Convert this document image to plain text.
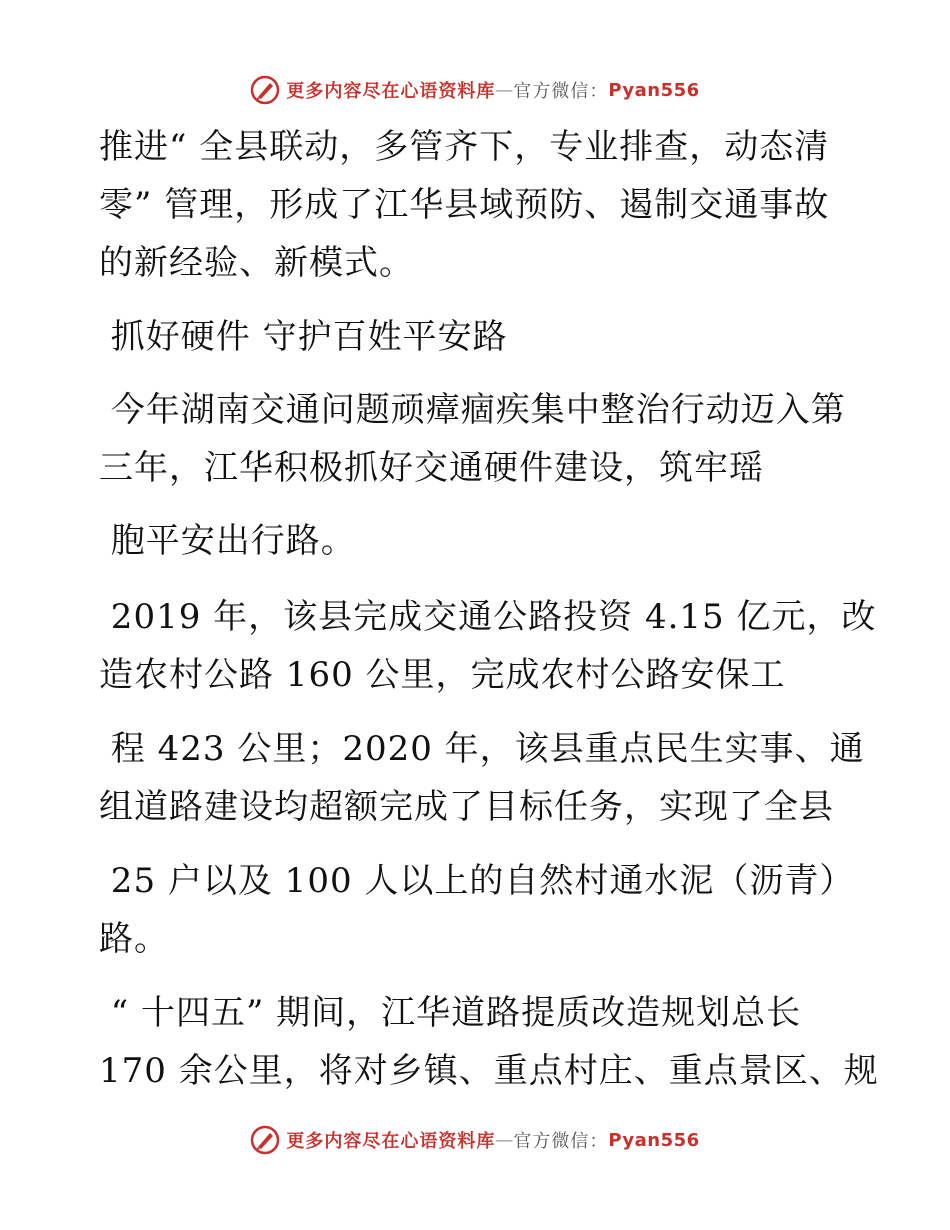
更多内容尽在心语资料库 — 官方微信： Pyan556
推进“ 全县联动，多管齐下，专业排查，动态清
零” 管理，形成了江华县域预防、遏制交通事故
的新经验、新模式。
抓好硬件 守护百姓平安路
今年湖南交通问题顽瘴痼疾集中整治行动迈入第
三年，江华积极抓好交通硬件建设，筑牢瑶
胞平安出行路。
2019 年，该县完成交通公路投资 4.15 亿元，改
造农村公路 160 公里，完成农村公路安保工
程 423 公里；2020 年，该县重点民生实事、通
组道路建设均超额完成了目标任务，实现了全县
25 户以及 100 人以上的自然村通水泥（沥青）
路。
“ 十四五” 期间，江华道路提质改造规划总长
170 余公里，将对乡镇、重点村庄、重点景区、规
更多内容尽在心语资料库 — 官方微信： Pyan556
